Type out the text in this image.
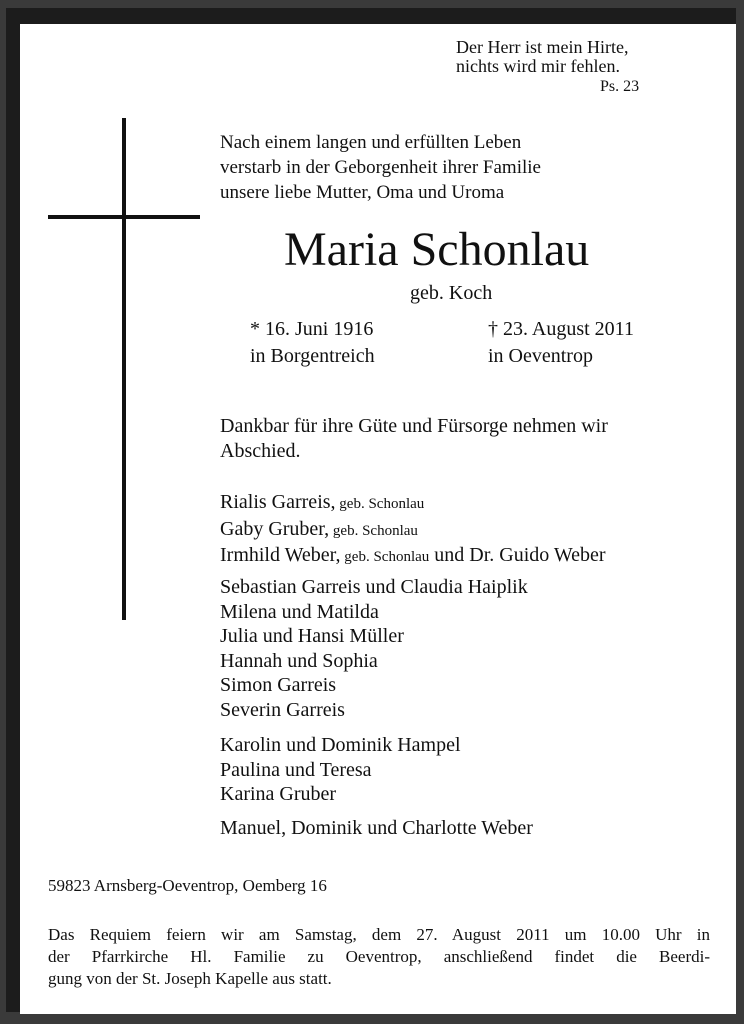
Der Herr ist mein Hirte,
nichts wird mir fehlen.
Ps. 23
Nach einem langen und erfüllten Leben
verstarb in der Geborgenheit ihrer Familie
unsere liebe Mutter, Oma und Uroma
Maria Schonlau
geb. Koch
* 16. Juni 1916
in Borgentreich
† 23. August 2011
in Oeventrop
Dankbar für ihre Güte und Fürsorge nehmen wir
Abschied.
Rialis Garreis, geb. Schonlau
Gaby Gruber, geb. Schonlau
Irmhild Weber, geb. Schonlau und Dr. Guido Weber
Sebastian Garreis und Claudia Haiplik
Milena und Matilda
Julia und Hansi Müller
Hannah und Sophia
Simon Garreis
Severin Garreis
Karolin und Dominik Hampel
Paulina und Teresa
Karina Gruber
Manuel, Dominik und Charlotte Weber
59823 Arnsberg-Oeventrop, Oemberg 16
Das Requiem feiern wir am Samstag, dem 27. August 2011 um 10.00 Uhr in
der Pfarrkirche Hl. Familie zu Oeventrop, anschließend findet die Beerdi-
gung von der St. Joseph Kapelle aus statt.
